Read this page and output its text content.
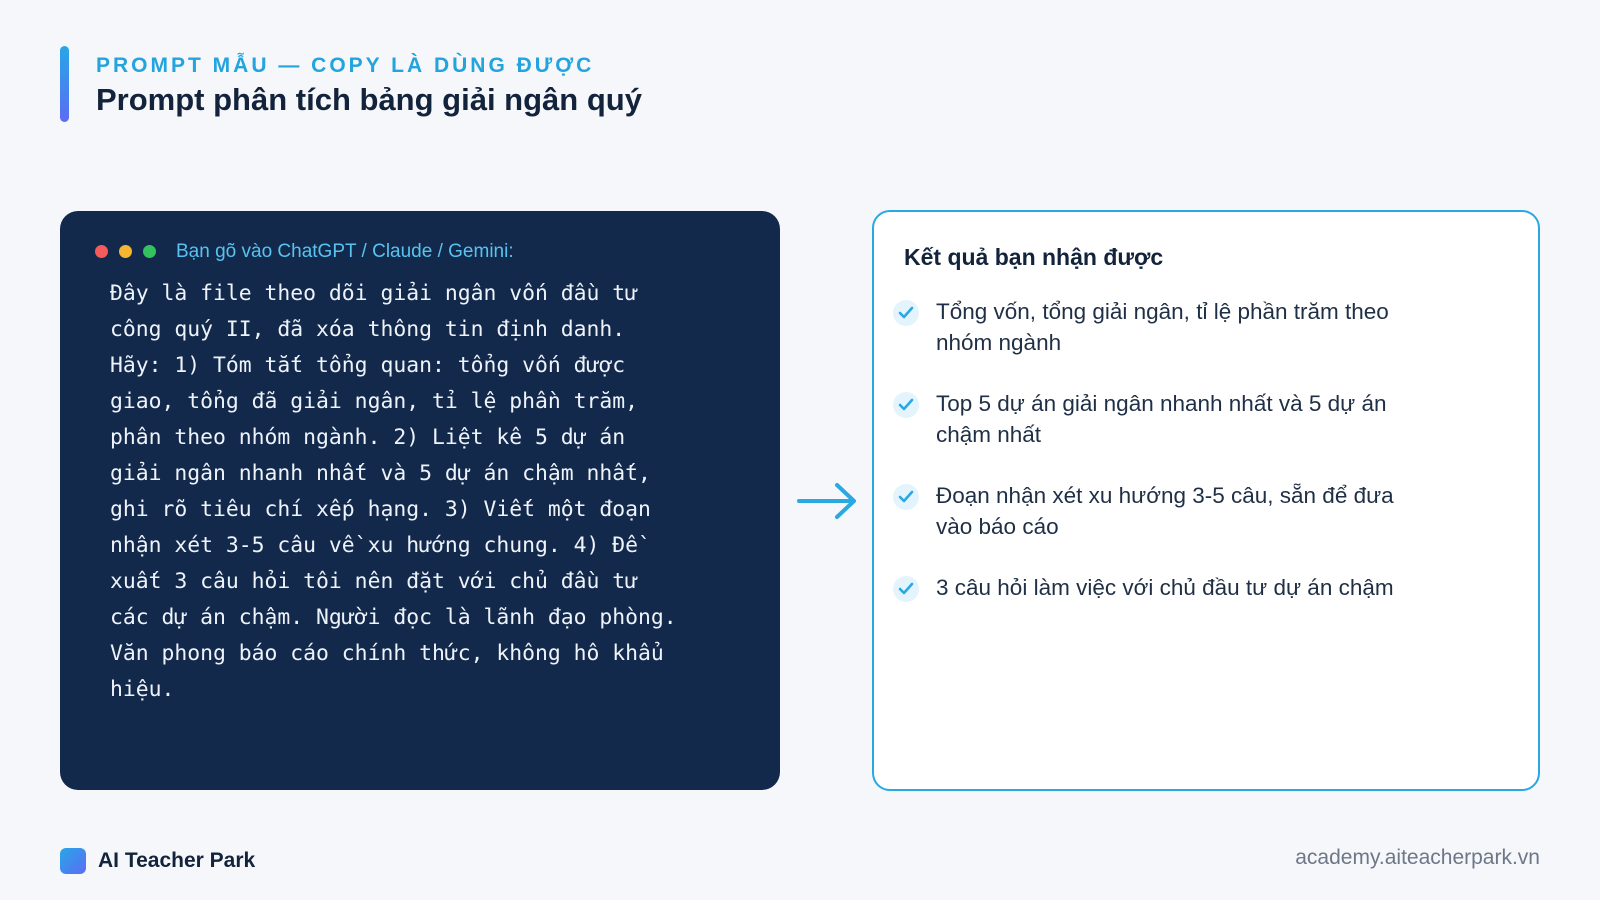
PROMPT MẪU — COPY LÀ DÙNG ĐƯỢC
Prompt phân tích bảng giải ngân quý
Bạn gõ vào ChatGPT / Claude / Gemini:
Đây là file theo dõi giải ngân vốn đầu tư
công quý II, đã xóa thông tin định danh.
Hãy: 1) Tóm tắt tổng quan: tổng vốn được
giao, tổng đã giải ngân, tỉ lệ phần trăm,
phân theo nhóm ngành. 2) Liệt kê 5 dự án
giải ngân nhanh nhất và 5 dự án chậm nhất,
ghi rõ tiêu chí xếp hạng. 3) Viết một đoạn
nhận xét 3-5 câu về xu hướng chung. 4) Đề
xuất 3 câu hỏi tôi nên đặt với chủ đầu tư
các dự án chậm. Người đọc là lãnh đạo phòng.
Văn phong báo cáo chính thức, không hô khẩu
hiệu.
Kết quả bạn nhận được
Tổng vốn, tổng giải ngân, tỉ lệ phần trăm theo nhóm ngành
Top 5 dự án giải ngân nhanh nhất và 5 dự án chậm nhất
Đoạn nhận xét xu hướng 3-5 câu, sẵn để đưa vào báo cáo
3 câu hỏi làm việc với chủ đầu tư dự án chậm
AI Teacher Park	academy.aiteacherpark.vn
